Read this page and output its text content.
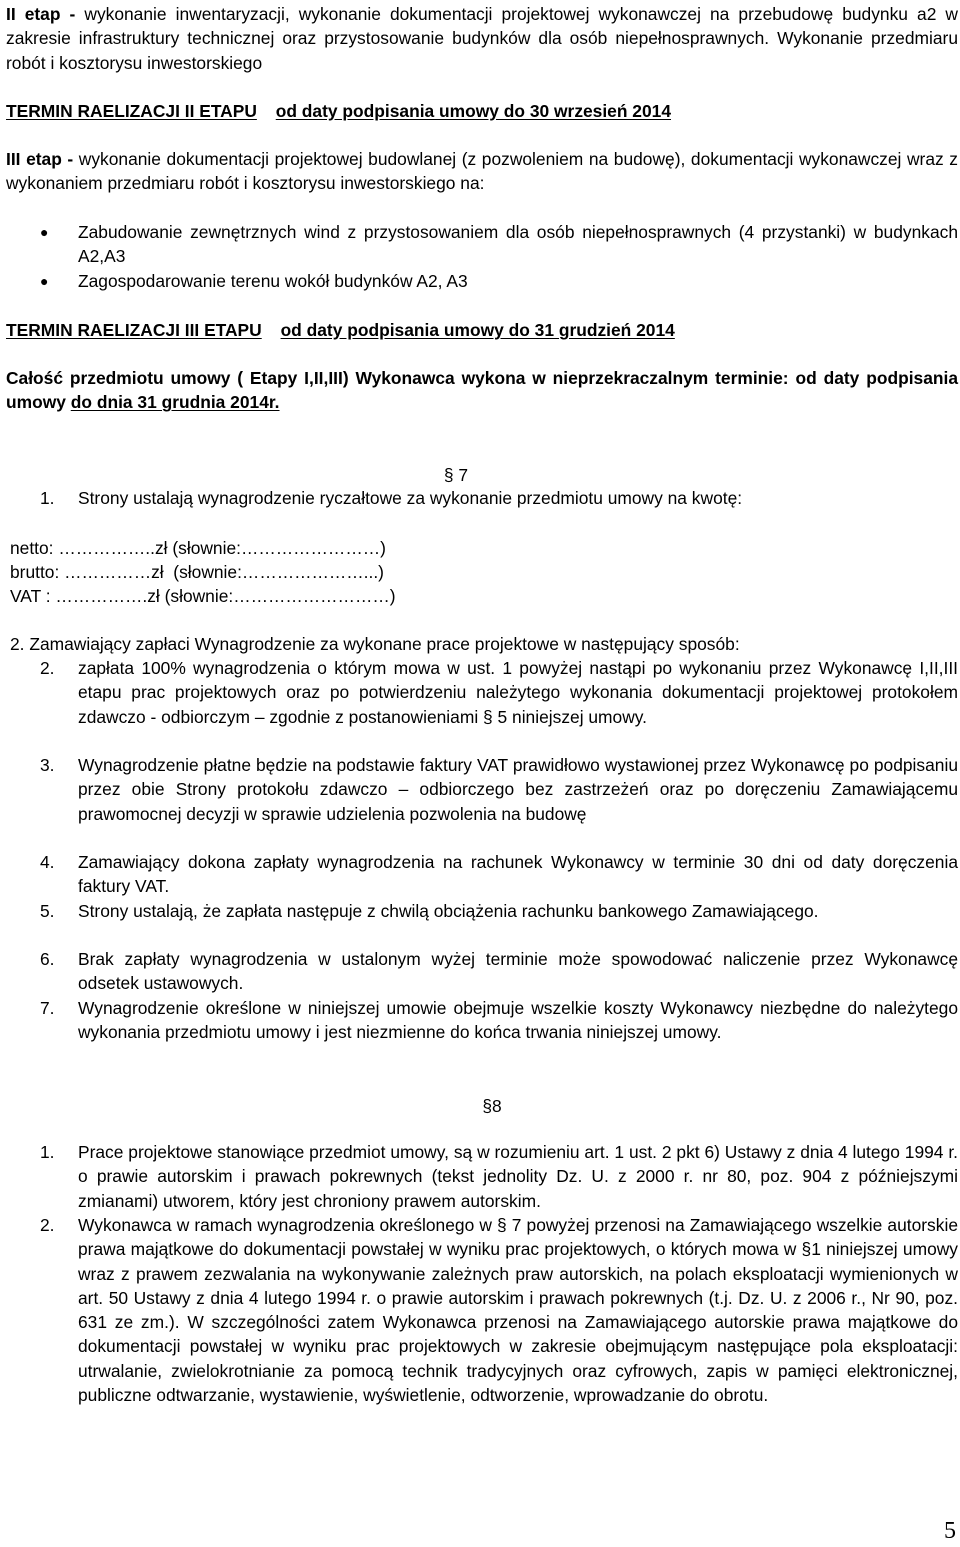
II etap - wykonanie inwentaryzacji, wykonanie dokumentacji projektowej wykonawczej na przebudowę budynku a2 w zakresie infrastruktury technicznej oraz przystosowanie budynków dla osób niepełnosprawnych. Wykonanie przedmiaru robót i kosztorysu inwestorskiego
TERMIN RAELIZACJI II ETAPU od daty podpisania umowy do 30 wrzesień 2014
III etap - wykonanie dokumentacji projektowej budowlanej (z pozwoleniem na budowę), dokumentacji wykonawczej wraz z wykonaniem przedmiaru robót i kosztorysu inwestorskiego na:
● Zabudowanie zewnętrznych wind z przystosowaniem dla osób niepełnosprawnych (4 przystanki) w budynkach A2,A3
● Zagospodarowanie terenu wokół budynków A2, A3
TERMIN RAELIZACJI III ETAPU od daty podpisania umowy do 31 grudzień 2014
Całość przedmiotu umowy ( Etapy I,II,III) Wykonawca wykona w nieprzekraczalnym terminie: od daty podpisania umowy do dnia 31 grudnia 2014r.
§ 7
1. Strony ustalają wynagrodzenie ryczałtowe za wykonanie przedmiotu umowy na kwotę:
netto: ……………..zł (słownie:……………………)
brutto: ……………zł  (słownie:…………………...)
VAT : …………….zł (słownie:………………………)
2. Zamawiający zapłaci Wynagrodzenie za wykonane prace projektowe w następujący sposób:
2. zapłata 100% wynagrodzenia o którym mowa w ust. 1 powyżej nastąpi po wykonaniu przez Wykonawcę I,II,III etapu prac projektowych oraz po potwierdzeniu należytego wykonania dokumentacji projektowej protokołem zdawczo - odbiorczym – zgodnie z postanowieniami § 5 niniejszej umowy.
3. Wynagrodzenie płatne będzie na podstawie faktury VAT prawidłowo wystawionej przez Wykonawcę po podpisaniu przez obie Strony protokołu zdawczo – odbiorczego bez zastrzeżeń oraz po doręczeniu Zamawiającemu prawomocnej decyzji w sprawie udzielenia pozwolenia na budowę
4. Zamawiający dokona zapłaty wynagrodzenia na rachunek Wykonawcy w terminie 30 dni od daty doręczenia faktury VAT.
5. Strony ustalają, że zapłata następuje z chwilą obciążenia rachunku bankowego Zamawiającego.
6. Brak zapłaty wynagrodzenia w ustalonym wyżej terminie może spowodować naliczenie przez Wykonawcę odsetek ustawowych.
7. Wynagrodzenie określone w niniejszej umowie obejmuje wszelkie koszty Wykonawcy niezbędne do należytego wykonania przedmiotu umowy i jest niezmienne do końca trwania niniejszej umowy.
§8
1. Prace projektowe stanowiące przedmiot umowy, są w rozumieniu art. 1 ust. 2 pkt 6) Ustawy z dnia 4 lutego 1994 r. o prawie autorskim i prawach pokrewnych (tekst jednolity Dz. U. z 2000 r. nr 80, poz. 904 z późniejszymi zmianami) utworem, który jest chroniony prawem autorskim.
2. Wykonawca w ramach wynagrodzenia określonego w § 7 powyżej przenosi na Zamawiającego wszelkie autorskie prawa majątkowe do dokumentacji powstałej w wyniku prac projektowych, o których mowa w §1 niniejszej umowy wraz z prawem zezwalania na wykonywanie zależnych praw autorskich, na polach eksploatacji wymienionych w art. 50 Ustawy z dnia 4 lutego 1994 r. o prawie autorskim i prawach pokrewnych (t.j. Dz. U. z 2006 r., Nr 90, poz. 631 ze zm.). W szczególności zatem Wykonawca przenosi na Zamawiającego autorskie prawa majątkowe do dokumentacji powstałej w wyniku prac projektowych w zakresie obejmującym następujące pola eksploatacji: utrwalanie, zwielokrotnianie za pomocą technik tradycyjnych oraz cyfrowych, zapis w pamięci elektronicznej, publiczne odtwarzanie, wystawienie, wyświetlenie, odtworzenie, wprowadzanie do obrotu.
5
